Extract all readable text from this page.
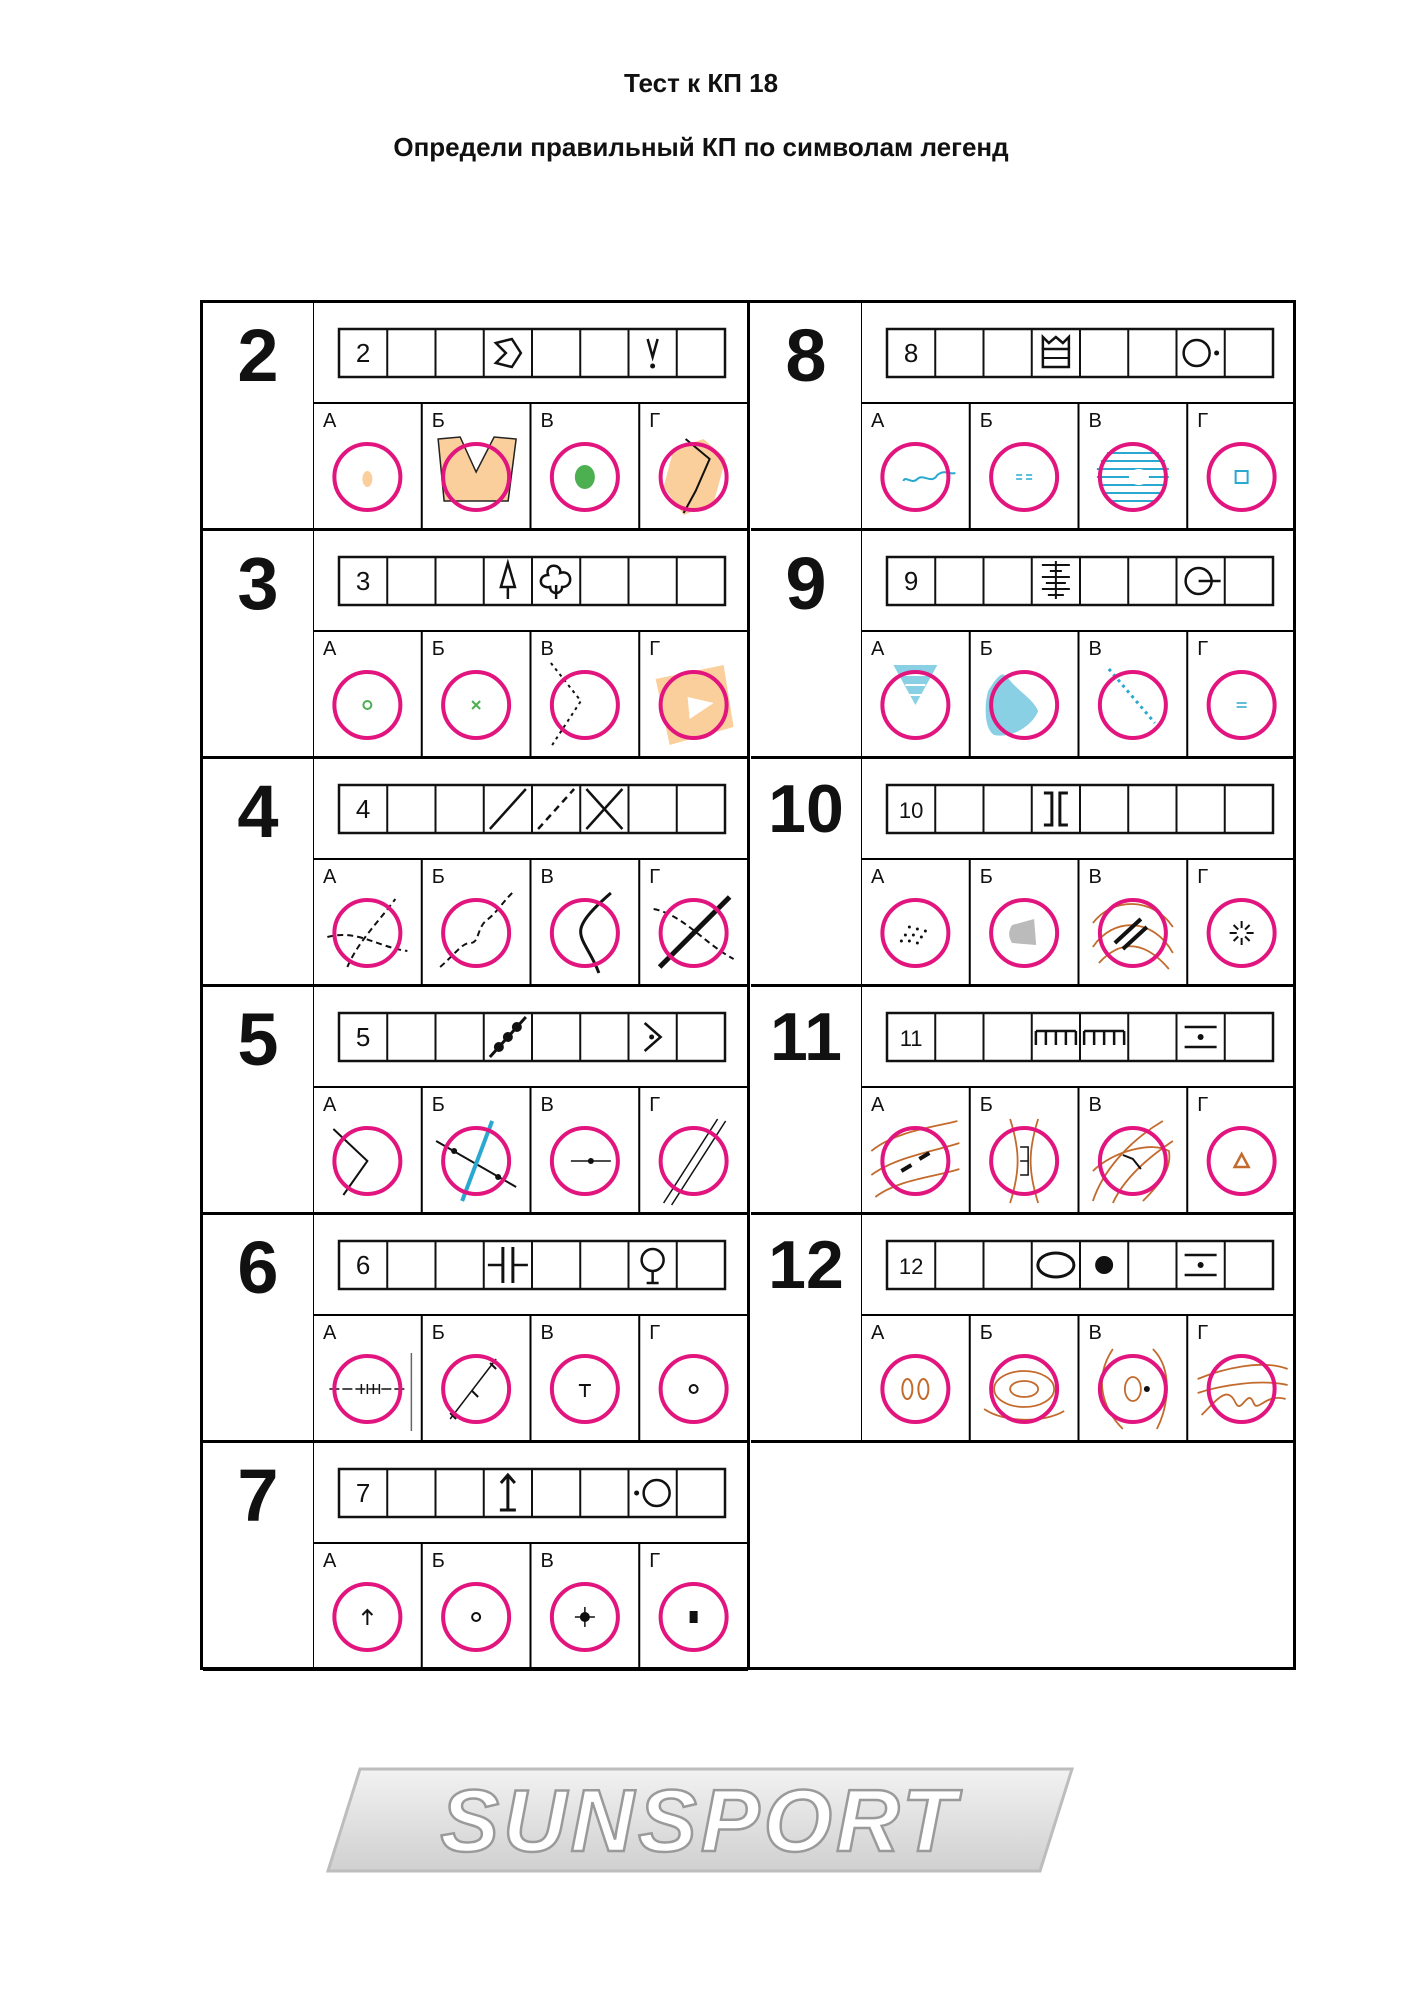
Тест к КП 18
Определи правильный КП по символам легенд
2	2
А	Б	В	Г
3	3
А	Б	В	Г
4	4
А	Б	В	Г
5	5
А	Б	В	Г
6	6
А	Б	В	Г
7	7
А	Б	В	Г
8	8
А	Б	В	Г
9	9
А	Б	В	Г
10	10
А	Б	В	Г
11	11
А	Б	В	Г
12	12
А	Б	В	Г
SUNSPORT
